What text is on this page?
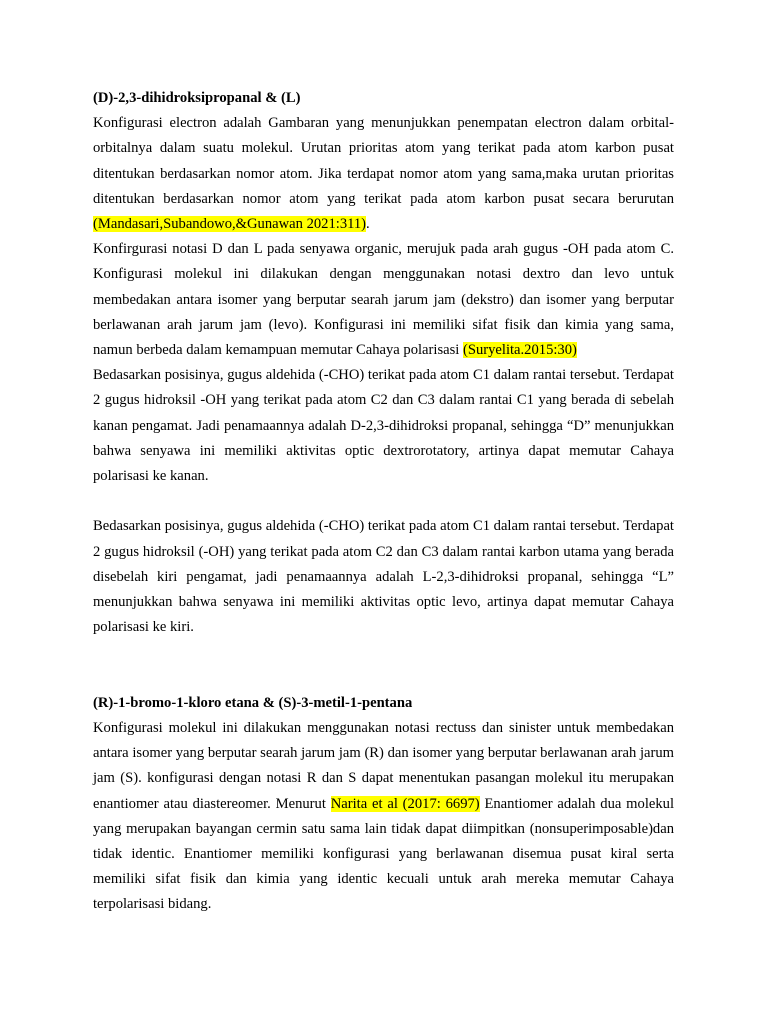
(D)-2,3-dihidroksipropanal & (L)

Konfigurasi electron adalah Gambaran yang menunjukkan penempatan electron dalam orbital-orbitalnya dalam suatu molekul. Urutan prioritas atom yang terikat pada atom karbon pusat ditentukan berdasarkan nomor atom. Jika terdapat nomor atom yang sama,maka urutan prioritas ditentukan berdasarkan nomor atom yang terikat pada atom karbon pusat secara berurutan (Mandasari,Subandowo,&Gunawan 2021:311).

Konfirgurasi notasi D dan L pada senyawa organic, merujuk pada arah gugus -OH pada atom C. Konfigurasi molekul ini dilakukan dengan menggunakan notasi dextro dan levo untuk membedakan antara isomer yang berputar searah jarum jam (dekstro) dan isomer yang berputar berlawanan arah jarum jam (levo). Konfigurasi ini memiliki sifat fisik dan kimia yang sama, namun berbeda dalam kemampuan memutar Cahaya polarisasi (Suryelita.2015:30)

Bedasarkan posisinya, gugus aldehida (-CHO) terikat pada atom C1 dalam rantai tersebut. Terdapat 2 gugus hidroksil -OH yang terikat pada atom C2 dan C3 dalam rantai C1 yang berada di sebelah kanan pengamat. Jadi penamaannya adalah D-2,3-dihidroksi propanal, sehingga “D” menunjukkan bahwa senyawa ini memiliki aktivitas optic dextrorotatory, artinya dapat memutar Cahaya polarisasi ke kanan.

Bedasarkan posisinya, gugus aldehida (-CHO) terikat pada atom C1 dalam rantai tersebut. Terdapat 2 gugus hidroksil (-OH) yang terikat pada atom C2 dan C3 dalam rantai karbon utama yang berada disebelah kiri pengamat, jadi penamaannya adalah L-2,3-dihidroksi propanal, sehingga “L” menunjukkan bahwa senyawa ini memiliki aktivitas optic levo, artinya dapat memutar Cahaya polarisasi ke kiri.

(R)-1-bromo-1-kloro etana & (S)-3-metil-1-pentana

Konfigurasi molekul ini dilakukan menggunakan notasi rectuss dan sinister untuk membedakan antara isomer yang berputar searah jarum jam (R) dan isomer yang berputar berlawanan arah jarum jam (S). konfigurasi dengan notasi R dan S dapat menentukan pasangan molekul itu merupakan enantiomer atau diastereomer. Menurut Narita et al (2017: 6697) Enantiomer adalah dua molekul yang merupakan bayangan cermin satu sama lain tidak dapat diimpitkan (nonsuperimposable)dan tidak identic. Enantiomer memiliki konfigurasi yang berlawanan disemua pusat kiral serta memiliki sifat fisik dan kimia yang identic kecuali untuk arah mereka memutar Cahaya terpolarisasi bidang.
